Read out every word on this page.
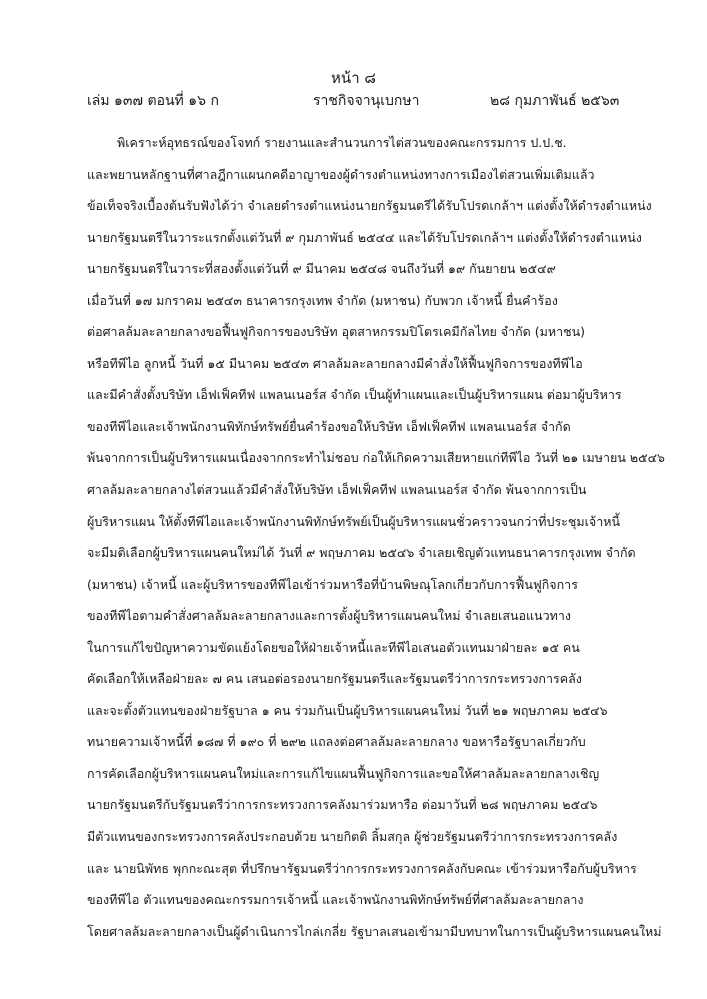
หน้า ๘
เล่ม ๑๓๗ ตอนที่ ๑๖ ก	ราชกิจจานุเบกษา	๒๘ กุมภาพันธ์ ๒๕๖๓
พิเคราะห์อุทธรณ์ของโจทก์ รายงานและสำนวนการไต่สวนของคณะกรรมการ ป.ป.ช.
และพยานหลักฐานที่ศาลฎีกาแผนกคดีอาญาของผู้ดำรงตำแหน่งทางการเมืองไต่สวนเพิ่มเติมแล้ว
ข้อเท็จจริงเบื้องต้นรับฟังได้ว่า จำเลยดำรงตำแหน่งนายกรัฐมนตรีได้รับโปรดเกล้าฯ แต่งตั้งให้ดำรงตำแหน่ง
นายกรัฐมนตรีในวาระแรกตั้งแต่วันที่ ๙ กุมภาพันธ์ ๒๕๔๔ และได้รับโปรดเกล้าฯ แต่งตั้งให้ดำรงตำแหน่ง
นายกรัฐมนตรีในวาระที่สองตั้งแต่วันที่ ๙ มีนาคม ๒๕๔๘ จนถึงวันที่ ๑๙ กันยายน ๒๕๔๙
เมื่อวันที่ ๑๗ มกราคม ๒๕๔๓ ธนาคารกรุงเทพ จำกัด (มหาชน) กับพวก เจ้าหนี้ ยื่นคำร้อง
ต่อศาลล้มละลายกลางขอฟื้นฟูกิจการของบริษัท อุตสาหกรรมปิโตรเคมีกัลไทย จำกัด (มหาชน)
หรือทีพีไอ ลูกหนี้ วันที่ ๑๕ มีนาคม ๒๕๔๓ ศาลล้มละลายกลางมีคำสั่งให้ฟื้นฟูกิจการของทีพีไอ
และมีคำสั่งตั้งบริษัท เอ็ฟเฟ็คทีฟ แพลนเนอร์ส จำกัด เป็นผู้ทำแผนและเป็นผู้บริหารแผน ต่อมาผู้บริหาร
ของทีพีไอและเจ้าพนักงานพิทักษ์ทรัพย์ยื่นคำร้องขอให้บริษัท เอ็ฟเฟ็คทีฟ แพลนเนอร์ส จำกัด
พ้นจากการเป็นผู้บริหารแผนเนื่องจากกระทำไม่ชอบ ก่อให้เกิดความเสียหายแก่ทีพีไอ วันที่ ๒๑ เมษายน ๒๕๔๖
ศาลล้มละลายกลางไต่สวนแล้วมีคำสั่งให้บริษัท เอ็ฟเฟ็คทีฟ แพลนเนอร์ส จำกัด พ้นจากการเป็น
ผู้บริหารแผน ให้ตั้งทีพีไอและเจ้าพนักงานพิทักษ์ทรัพย์เป็นผู้บริหารแผนชั่วคราวจนกว่าที่ประชุมเจ้าหนี้
จะมีมติเลือกผู้บริหารแผนคนใหม่ได้ วันที่ ๙ พฤษภาคม ๒๕๔๖ จำเลยเชิญตัวแทนธนาคารกรุงเทพ จำกัด
(มหาชน) เจ้าหนี้ และผู้บริหารของทีพีไอเข้าร่วมหารือที่บ้านพิษณุโลกเกี่ยวกับการฟื้นฟูกิจการ
ของทีพีไอตามคำสั่งศาลล้มละลายกลางและการตั้งผู้บริหารแผนคนใหม่ จำเลยเสนอแนวทาง
ในการแก้ไขปัญหาความขัดแย้งโดยขอให้ฝ่ายเจ้าหนี้และทีพีไอเสนอตัวแทนมาฝ่ายละ ๑๕ คน
คัดเลือกให้เหลือฝ่ายละ ๗ คน เสนอต่อรองนายกรัฐมนตรีและรัฐมนตรีว่าการกระทรวงการคลัง
และจะตั้งตัวแทนของฝ่ายรัฐบาล ๑ คน ร่วมกันเป็นผู้บริหารแผนคนใหม่ วันที่ ๒๑ พฤษภาคม ๒๕๔๖
ทนายความเจ้าหนี้ที่ ๑๘๗ ที่ ๑๙๐ ที่ ๒๙๒ แถลงต่อศาลล้มละลายกลาง ขอหารือรัฐบาลเกี่ยวกับ
การคัดเลือกผู้บริหารแผนคนใหม่และการแก้ไขแผนฟื้นฟูกิจการและขอให้ศาลล้มละลายกลางเชิญ
นายกรัฐมนตรีกับรัฐมนตรีว่าการกระทรวงการคลังมาร่วมหารือ ต่อมาวันที่ ๒๘ พฤษภาคม ๒๕๔๖
มีตัวแทนของกระทรวงการคลังประกอบด้วย นายกิตติ ลิ้มสกุล ผู้ช่วยรัฐมนตรีว่าการกระทรวงการคลัง
และ นายนิพัทธ พุกกะณะสุต ที่ปรึกษารัฐมนตรีว่าการกระทรวงการคลังกับคณะ เข้าร่วมหารือกับผู้บริหาร
ของทีพีไอ ตัวแทนของคณะกรรมการเจ้าหนี้ และเจ้าพนักงานพิทักษ์ทรัพย์ที่ศาลล้มละลายกลาง
โดยศาลล้มละลายกลางเป็นผู้ดำเนินการไกล่เกลี่ย รัฐบาลเสนอเข้ามามีบทบาทในการเป็นผู้บริหารแผนคนใหม่
